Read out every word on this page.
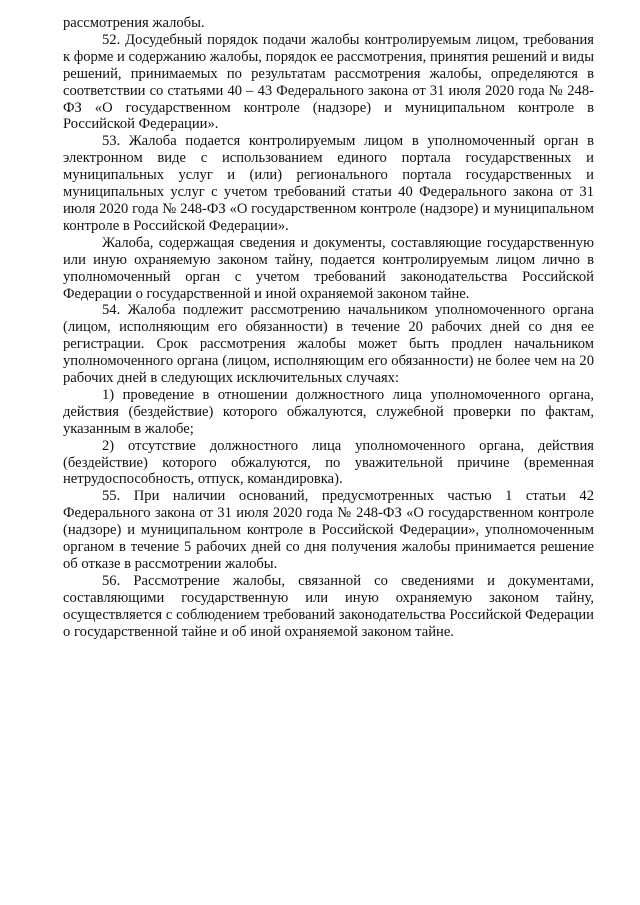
рассмотрения жалобы.

52. Досудебный порядок подачи жалобы контролируемым лицом, требования к форме и содержанию жалобы, порядок ее рассмотрения, принятия решений и виды решений, принимаемых по результатам рассмотрения жалобы, определяются в соответствии со статьями 40 – 43 Федерального закона от 31 июля 2020 года № 248-ФЗ «О государственном контроле (надзоре) и муниципальном контроле в Российской Федерации».

53. Жалоба подается контролируемым лицом в уполномоченный орган в электронном виде с использованием единого портала государственных и муниципальных услуг и (или) регионального портала государственных и муниципальных услуг с учетом требований статьи 40 Федерального закона от 31 июля 2020 года № 248-ФЗ «О государственном контроле (надзоре) и муниципальном контроле в Российской Федерации».

Жалоба, содержащая сведения и документы, составляющие государственную или иную охраняемую законом тайну, подается контролируемым лицом лично в уполномоченный орган с учетом требований законодательства Российской Федерации о государственной и иной охраняемой законом тайне.

54. Жалоба подлежит рассмотрению начальником уполномоченного органа (лицом, исполняющим его обязанности) в течение 20 рабочих дней со дня ее регистрации. Срок рассмотрения жалобы может быть продлен начальником уполномоченного органа (лицом, исполняющим его обязанности) не более чем на 20 рабочих дней в следующих исключительных случаях:

1) проведение в отношении должностного лица уполномоченного органа, действия (бездействие) которого обжалуются, служебной проверки по фактам, указанным в жалобе;

2) отсутствие должностного лица уполномоченного органа, действия (бездействие) которого обжалуются, по уважительной причине (временная нетрудоспособность, отпуск, командировка).

55. При наличии оснований, предусмотренных частью 1 статьи 42 Федерального закона от 31 июля 2020 года № 248-ФЗ «О государственном контроле (надзоре) и муниципальном контроле в Российской Федерации», уполномоченным органом в течение 5 рабочих дней со дня получения жалобы принимается решение об отказе в рассмотрении жалобы.

56. Рассмотрение жалобы, связанной со сведениями и документами, составляющими государственную или иную охраняемую законом тайну, осуществляется с соблюдением требований законодательства Российской Федерации о государственной тайне и об иной охраняемой законом тайне.
